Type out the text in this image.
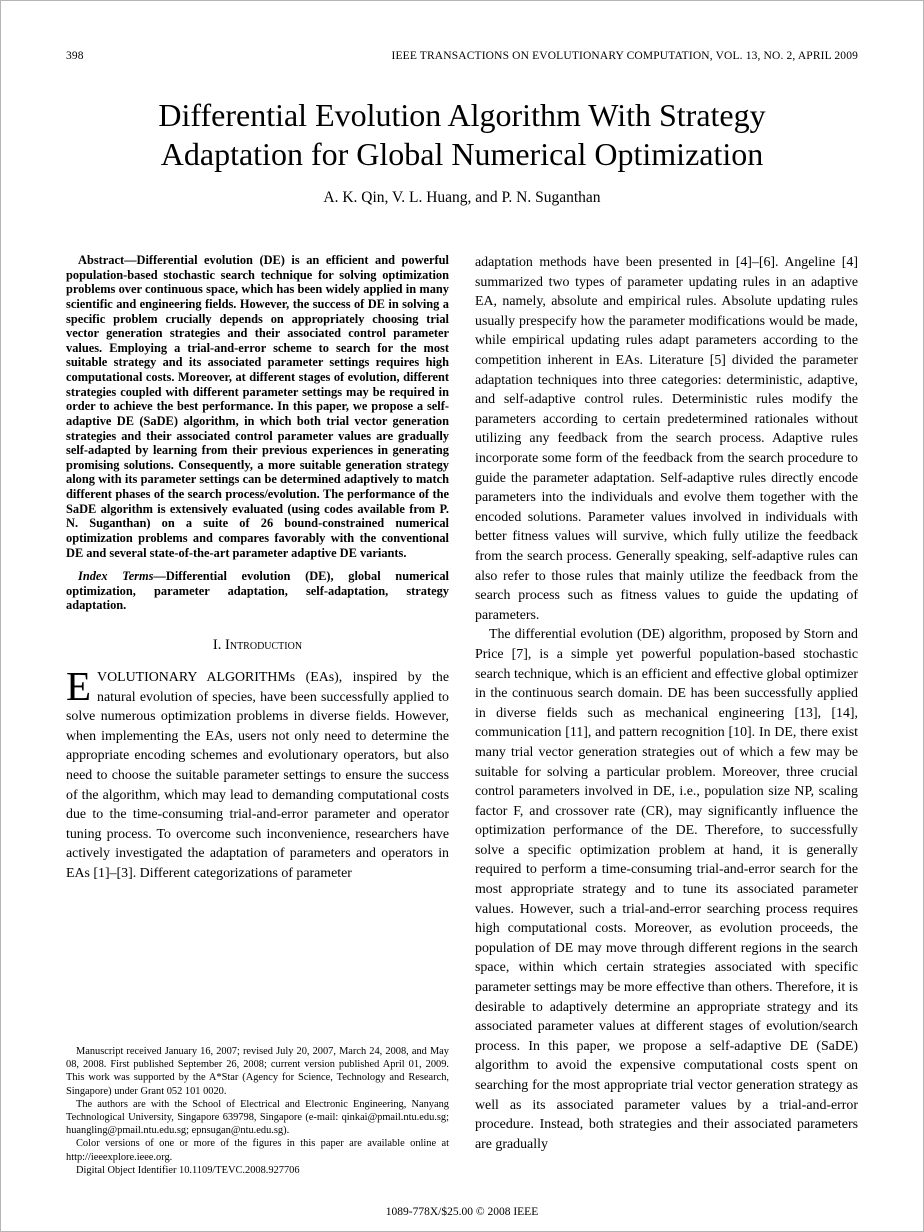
398	IEEE TRANSACTIONS ON EVOLUTIONARY COMPUTATION, VOL. 13, NO. 2, APRIL 2009
Differential Evolution Algorithm With Strategy
Adaptation for Global Numerical Optimization
A. K. Qin, V. L. Huang, and P. N. Suganthan

Abstract—Differential evolution (DE) is an efficient and powerful population-based stochastic search technique for solving optimization problems over continuous space, which has been widely applied in many scientific and engineering fields. However, the success of DE in solving a specific problem crucially depends on appropriately choosing trial vector generation strategies and their associated control parameter values. Employing a trial-and-error scheme to search for the most suitable strategy and its associated parameter settings requires high computational costs. Moreover, at different stages of evolution, different strategies coupled with different parameter settings may be required in order to achieve the best performance. In this paper, we propose a self-adaptive DE (SaDE) algorithm, in which both trial vector generation strategies and their associated control parameter values are gradually self-adapted by learning from their previous experiences in generating promising solutions. Consequently, a more suitable generation strategy along with its parameter settings can be determined adaptively to match different phases of the search process/evolution. The performance of the SaDE algorithm is extensively evaluated (using codes available from P. N. Suganthan) on a suite of 26 bound-constrained numerical optimization problems and compares favorably with the conventional DE and several state-of-the-art parameter adaptive DE variants.

Index Terms—Differential evolution (DE), global numerical optimization, parameter adaptation, self-adaptation, strategy adaptation.

I. Introduction

EVOLUTIONARY ALGORITHMs (EAs), inspired by the natural evolution of species, have been successfully applied to solve numerous optimization problems in diverse fields. However, when implementing the EAs, users not only need to determine the appropriate encoding schemes and evolutionary operators, but also need to choose the suitable parameter settings to ensure the success of the algorithm, which may lead to demanding computational costs due to the time-consuming trial-and-error parameter and operator tuning process. To overcome such inconvenience, researchers have actively investigated the adaptation of parameters and operators in EAs [1]–[3]. Different categorizations of parameter

Manuscript received January 16, 2007; revised July 20, 2007, March 24, 2008, and May 08, 2008. First published September 26, 2008; current version published April 01, 2009. This work was supported by the A*Star (Agency for Science, Technology and Research, Singapore) under Grant 052 101 0020.

The authors are with the School of Electrical and Electronic Engineering, Nanyang Technological University, Singapore 639798, Singapore (e-mail: qinkai@pmail.ntu.edu.sg; huangling@pmail.ntu.edu.sg; epnsugan@ntu.edu.sg).

Color versions of one or more of the figures in this paper are available online at http://ieeexplore.ieee.org.

Digital Object Identifier 10.1109/TEVC.2008.927706

adaptation methods have been presented in [4]–[6]. Angeline [4] summarized two types of parameter updating rules in an adaptive EA, namely, absolute and empirical rules. Absolute updating rules usually prespecify how the parameter modifications would be made, while empirical updating rules adapt parameters according to the competition inherent in EAs. Literature [5] divided the parameter adaptation techniques into three categories: deterministic, adaptive, and self-adaptive control rules. Deterministic rules modify the parameters according to certain predetermined rationales without utilizing any feedback from the search process. Adaptive rules incorporate some form of the feedback from the search procedure to guide the parameter adaptation. Self-adaptive rules directly encode parameters into the individuals and evolve them together with the encoded solutions. Parameter values involved in individuals with better fitness values will survive, which fully utilize the feedback from the search process. Generally speaking, self-adaptive rules can also refer to those rules that mainly utilize the feedback from the search process such as fitness values to guide the updating of parameters.

The differential evolution (DE) algorithm, proposed by Storn and Price [7], is a simple yet powerful population-based stochastic search technique, which is an efficient and effective global optimizer in the continuous search domain. DE has been successfully applied in diverse fields such as mechanical engineering [13], [14], communication [11], and pattern recognition [10]. In DE, there exist many trial vector generation strategies out of which a few may be suitable for solving a particular problem. Moreover, three crucial control parameters involved in DE, i.e., population size NP, scaling factor F, and crossover rate (CR), may significantly influence the optimization performance of the DE. Therefore, to successfully solve a specific optimization problem at hand, it is generally required to perform a time-consuming trial-and-error search for the most appropriate strategy and to tune its associated parameter values. However, such a trial-and-error searching process requires high computational costs. Moreover, as evolution proceeds, the population of DE may move through different regions in the search space, within which certain strategies associated with specific parameter settings may be more effective than others. Therefore, it is desirable to adaptively determine an appropriate strategy and its associated parameter values at different stages of evolution/search process. In this paper, we propose a self-adaptive DE (SaDE) algorithm to avoid the expensive computational costs spent on searching for the most appropriate trial vector generation strategy as well as its associated parameter values by a trial-and-error procedure. Instead, both strategies and their associated parameters are gradually

1089-778X/$25.00 © 2008 IEEE
